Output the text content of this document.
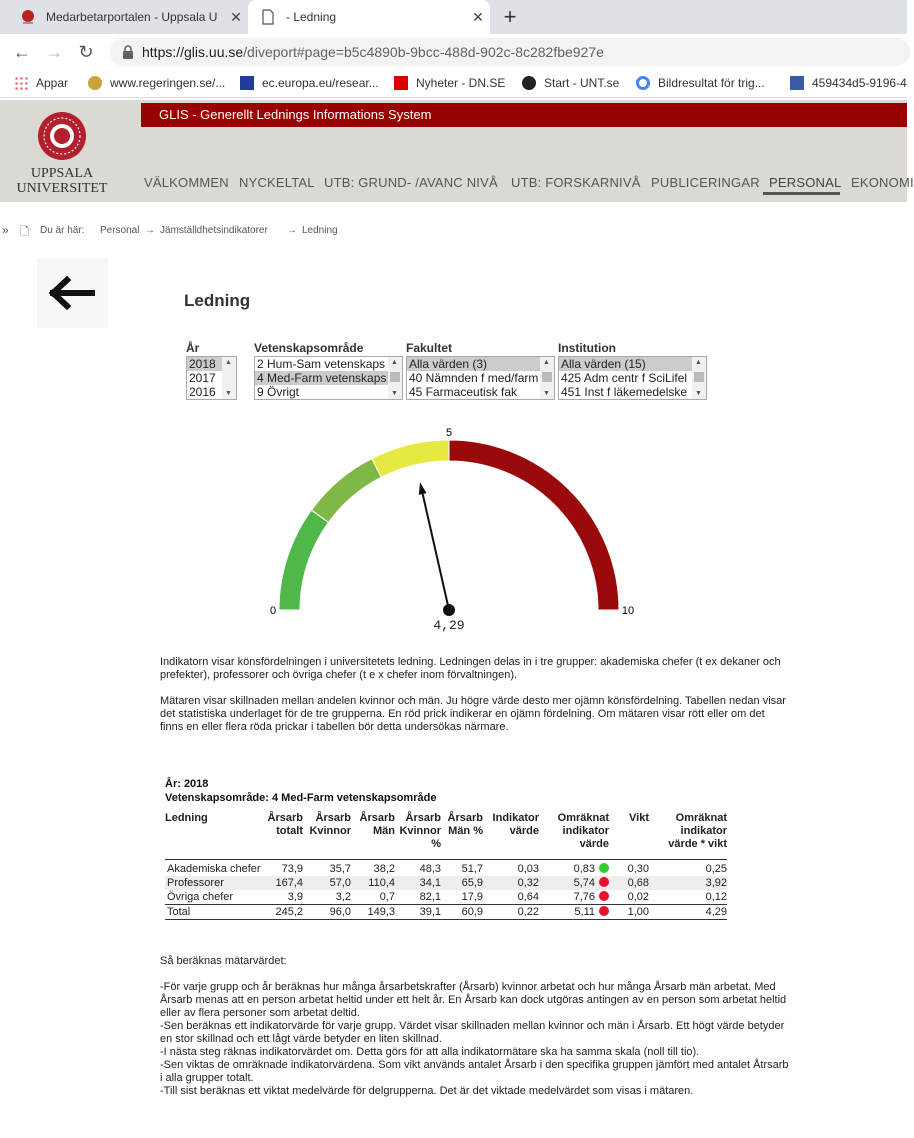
Medarbetarportalen - Uppsala U ✕	- Ledning	✕ +
← → ↻	https://glis.uu.se/diveport#page=b5c4890b-9bcc-488d-902c-8c282fbe927e
Appar	www.regeringen.se/...	ec.europa.eu/resear...	Nyheter - DN.SE	Start - UNT.se	Bildresultat för trig...	459434d5-9196-4
GLIS - Generellt Lednings Informations System
UPPSALA
UNIVERSITET	VÄLKOMMEN NYCKELTAL UTB: GRUND- /AVANC NIVÅ UTB: FORSKARNIVÅ PUBLICERINGAR PERSONAL EKONOMI
» 🗋 Du är här: Personal → Jämställdhetsindikatorer → Ledning
Ledning
År	Vetenskapsområde	Fakultet	Institution
2018
2017
2016
▲
▼
2 Hum-Sam vetenskaps
4 Med-Farm vetenskaps
9 Övrigt
▲
▼
Alla värden (3)
40 Nämnden f med/farm
45 Farmaceutisk fak
▲
▼
Alla värden (15)
425 Adm centr f SciLifel
451 Inst f läkemedelske
▲
▼
0
5
10
4,29
Indikatorn visar könsfördelningen i universitetets ledning. Ledningen delas in i tre grupper: akademiska chefer (t ex dekaner och prefekter), professorer och övriga chefer (t e x chefer inom förvaltningen).
Mätaren visar skillnaden mellan andelen kvinnor och män. Ju högre värde desto mer ojämn könsfördelning. Tabellen nedan visar det statistiska underlaget för de tre grupperna. En röd prick indikerar en ojämn fördelning. Om mätaren visar rött eller om det finns en eller flera röda prickar i tabellen bör detta undersökas närmare.
År: 2018
Vetenskapsområde: 4 Med-Farm vetenskapsområde
Ledning	Årsarb totalt	Årsarb Kvinnor	Årsarb Män	Årsarb Kvinnor %	Årsarb Män %	Indikator värde	Omräknat indikator värde	Vikt	Omräknat indikator värde * vikt
Akademiska chefer	73,9	35,7	38,2	48,3	51,7	0,03	0,83	0,30	0,25
Professorer	167,4	57,0	110,4	34,1	65,9	0,32	5,74	0,68	3,92
Övriga chefer	3,9	3,2	0,7	82,1	17,9	0,64	7,76	0,02	0,12
Total	245,2	96,0	149,3	39,1	60,9	0,22	5,11	1,00	4,29
Så beräknas mätarvärdet:
-För varje grupp och år beräknas hur många årsarbetskrafter (Årsarb) kvinnor arbetat och hur många Årsarb män arbetat. Med Årsarb menas att en person arbetat heltid under ett helt år. En Årsarb kan dock utgöras antingen av en person som arbetat heltid eller av flera personer som arbetat deltid.
-Sen beräknas ett indikatorvärde för varje grupp. Värdet visar skillnaden mellan kvinnor och män i Årsarb. Ett högt värde betyder en stor skillnad och ett lågt värde betyder en liten skillnad.
-I nästa steg räknas indikatorvärdet om. Detta görs för att alla indikatormätare ska ha samma skala (noll till tio).
-Sen viktas de omräknade indikatorvärdena. Som vikt används antalet Årsarb i den specifika gruppen jämfört med antalet Åtrsarb i alla grupper totalt.
-Till sist beräknas ett viktat medelvärde för delgrupperna. Det är det viktade medelvärdet som visas i mätaren.
